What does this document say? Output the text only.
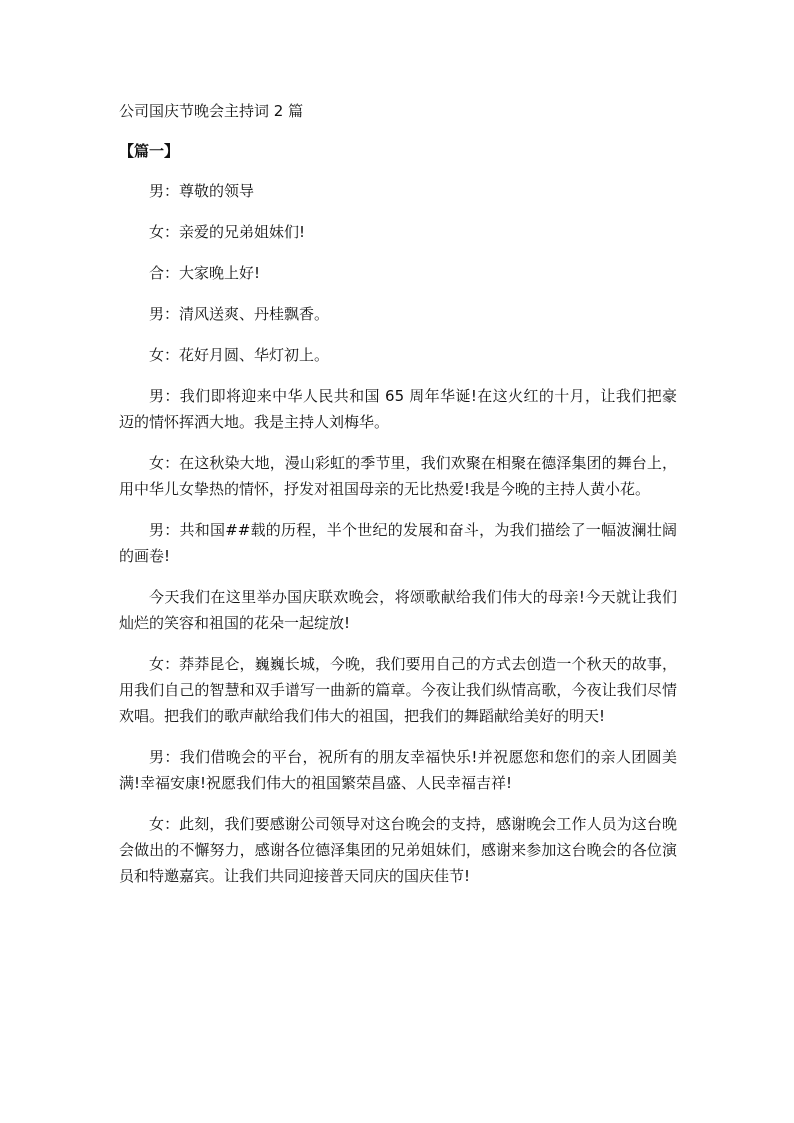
公司国庆节晚会主持词 2 篇
【篇一】

男：尊敬的领导

女：亲爱的兄弟姐妹们!

合：大家晚上好!

男：清风送爽、丹桂飘香。

女：花好月圆、华灯初上。

男：我们即将迎来中华人民共和国 65 周年华诞!在这火红的十月，让我们把豪迈的情怀挥洒大地。我是主持人刘梅华。

女：在这秋染大地，漫山彩虹的季节里，我们欢聚在相聚在德泽集团的舞台上，用中华儿女挚热的情怀，抒发对祖国母亲的无比热爱!我是今晚的主持人黄小花。

男：共和国##载的历程，半个世纪的发展和奋斗，为我们描绘了一幅波澜壮阔的画卷!

今天我们在这里举办国庆联欢晚会，将颂歌献给我们伟大的母亲!今天就让我们灿烂的笑容和祖国的花朵一起绽放!

女：莽莽昆仑，巍巍长城，今晚，我们要用自己的方式去创造一个秋天的故事，用我们自己的智慧和双手谱写一曲新的篇章。今夜让我们纵情高歌，今夜让我们尽情欢唱。把我们的歌声献给我们伟大的祖国，把我们的舞蹈献给美好的明天!

男：我们借晚会的平台，祝所有的朋友幸福快乐!并祝愿您和您们的亲人团圆美满!幸福安康!祝愿我们伟大的祖国繁荣昌盛、人民幸福吉祥!

女：此刻，我们要感谢公司领导对这台晚会的支持，感谢晚会工作人员为这台晚会做出的不懈努力，感谢各位德泽集团的兄弟姐妹们，感谢来参加这台晚会的各位演员和特邀嘉宾。让我们共同迎接普天同庆的国庆佳节!
